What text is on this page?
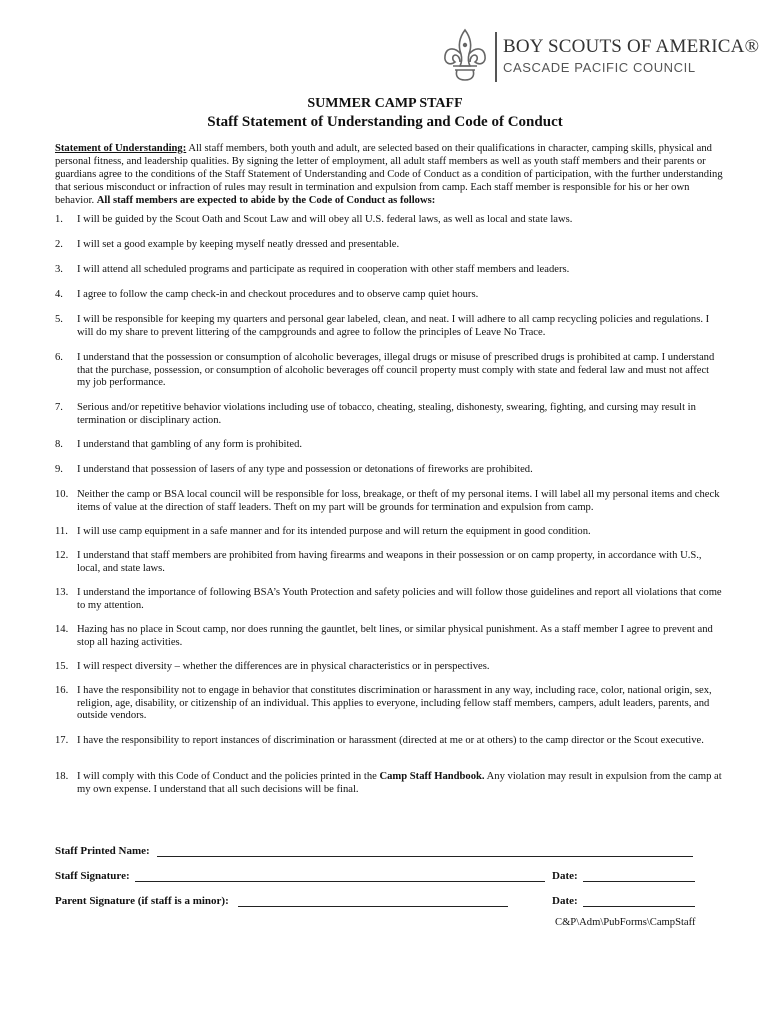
BOY SCOUTS OF AMERICA®
CASCADE PACIFIC COUNCIL
SUMMER CAMP STAFF
Staff Statement of Understanding and Code of Conduct
Statement of Understanding: All staff members, both youth and adult, are selected based on their qualifications in character, camping skills, physical and personal fitness, and leadership qualities. By signing the letter of employment, all adult staff members as well as youth staff members and their parents or guardians agree to the conditions of the Staff Statement of Understanding and Code of Conduct as a condition of participation, with the further understanding that serious misconduct or infraction of rules may result in termination and expulsion from camp. Each staff member is responsible for his or her own behavior. All staff members are expected to abide by the Code of Conduct as follows:
1. I will be guided by the Scout Oath and Scout Law and will obey all U.S. federal laws, as well as local and state laws.
2. I will set a good example by keeping myself neatly dressed and presentable.
3. I will attend all scheduled programs and participate as required in cooperation with other staff members and leaders.
4. I agree to follow the camp check-in and checkout procedures and to observe camp quiet hours.
5. I will be responsible for keeping my quarters and personal gear labeled, clean, and neat. I will adhere to all camp recycling policies and regulations. I will do my share to prevent littering of the campgrounds and agree to follow the principles of Leave No Trace.
6. I understand that the possession or consumption of alcoholic beverages, illegal drugs or misuse of prescribed drugs is prohibited at camp. I understand that the purchase, possession, or consumption of alcoholic beverages off council property must comply with state and federal law and must not affect my job performance.
7. Serious and/or repetitive behavior violations including use of tobacco, cheating, stealing, dishonesty, swearing, fighting, and cursing may result in termination or disciplinary action.
8. I understand that gambling of any form is prohibited.
9. I understand that possession of lasers of any type and possession or detonations of fireworks are prohibited.
10. Neither the camp or BSA local council will be responsible for loss, breakage, or theft of my personal items. I will label all my personal items and check items of value at the direction of staff leaders. Theft on my part will be grounds for termination and expulsion from camp.
11. I will use camp equipment in a safe manner and for its intended purpose and will return the equipment in good condition.
12. I understand that staff members are prohibited from having firearms and weapons in their possession or on camp property, in accordance with U.S., local, and state laws.
13. I understand the importance of following BSA’s Youth Protection and safety policies and will follow those guidelines and report all violations that come to my attention.
14. Hazing has no place in Scout camp, nor does running the gauntlet, belt lines, or similar physical punishment. As a staff member I agree to prevent and stop all hazing activities.
15. I will respect diversity – whether the differences are in physical characteristics or in perspectives.
16. I have the responsibility not to engage in behavior that constitutes discrimination or harassment in any way, including race, color, national origin, sex, religion, age, disability, or citizenship of an individual. This applies to everyone, including fellow staff members, campers, adult leaders, parents, and outside vendors.
17. I have the responsibility to report instances of discrimination or harassment (directed at me or at others) to the camp director or the Scout executive.
18. I will comply with this Code of Conduct and the policies printed in the Camp Staff Handbook. Any violation may result in expulsion from the camp at my own expense. I understand that all such decisions will be final.
Staff Printed Name:
Staff Signature:	Date:
Parent Signature (if staff is a minor):	Date:
C&P\Adm\PubForms\CampStaff
